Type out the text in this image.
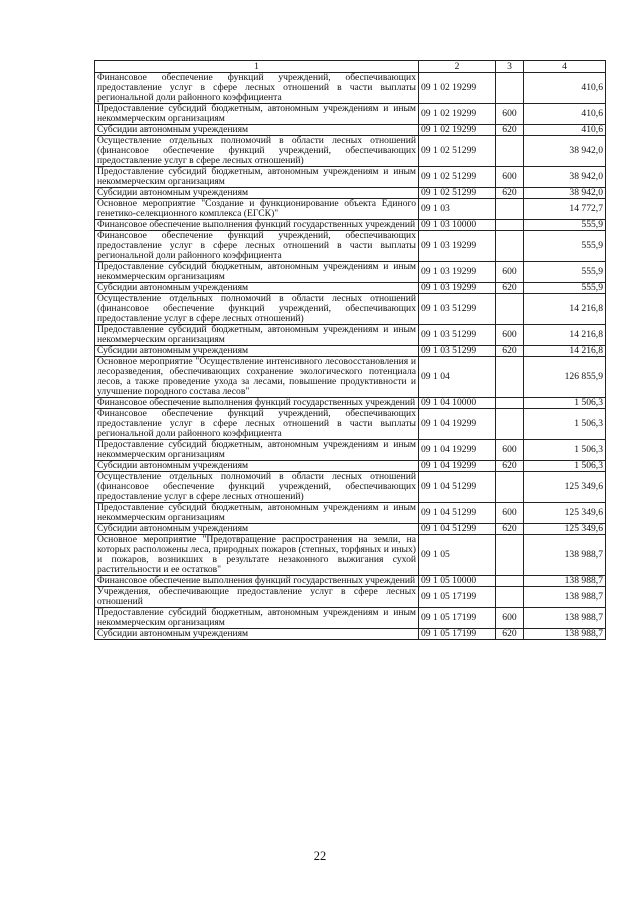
1	2	3	4
Финансовое обеспечение функций учреждений, обеспечивающих предоставление услуг в сфере лесных отношений в части выплаты региональной доли районного коэффициента	09 1 02 19299		410,6
Предоставление субсидий бюджетным, автономным учреждениям и иным некоммерческим организациям	09 1 02 19299	600	410,6
Субсидии автономным учреждениям	09 1 02 19299	620	410,6
Осуществление отдельных полномочий в области лесных отношений (финансовое обеспечение функций учреждений, обеспечивающих предоставление услуг в сфере лесных отношений)	09 1 02 51299		38 942,0
Предоставление субсидий бюджетным, автономным учреждениям и иным некоммерческим организациям	09 1 02 51299	600	38 942,0
Субсидии автономным учреждениям	09 1 02 51299	620	38 942,0
Основное мероприятие "Создание и функционирование объекта Единого генетико-селекционного комплекса (ЕГСК)"	09 1 03		14 772,7
Финансовое обеспечение выполнения функций государственных учреждений	09 1 03 10000		555,9
Финансовое обеспечение функций учреждений, обеспечивающих предоставление услуг в сфере лесных отношений в части выплаты региональной доли районного коэффициента	09 1 03 19299		555,9
Предоставление субсидий бюджетным, автономным учреждениям и иным некоммерческим организациям	09 1 03 19299	600	555,9
Субсидии автономным учреждениям	09 1 03 19299	620	555,9
Осуществление отдельных полномочий в области лесных отношений (финансовое обеспечение функций учреждений, обеспечивающих предоставление услуг в сфере лесных отношений)	09 1 03 51299		14 216,8
Предоставление субсидий бюджетным, автономным учреждениям и иным некоммерческим организациям	09 1 03 51299	600	14 216,8
Субсидии автономным учреждениям	09 1 03 51299	620	14 216,8
Основное мероприятие "Осуществление интенсивного лесовосстановления и лесоразведения, обеспечивающих сохранение экологического потенциала лесов, а также проведение ухода за лесами, повышение продуктивности и улучшение породного состава лесов"	09 1 04		126 855,9
Финансовое обеспечение выполнения функций государственных учреждений	09 1 04 10000		1 506,3
Финансовое обеспечение функций учреждений, обеспечивающих предоставление услуг в сфере лесных отношений в части выплаты региональной доли районного коэффициента	09 1 04 19299		1 506,3
Предоставление субсидий бюджетным, автономным учреждениям и иным некоммерческим организациям	09 1 04 19299	600	1 506,3
Субсидии автономным учреждениям	09 1 04 19299	620	1 506,3
Осуществление отдельных полномочий в области лесных отношений (финансовое обеспечение функций учреждений, обеспечивающих предоставление услуг в сфере лесных отношений)	09 1 04 51299		125 349,6
Предоставление субсидий бюджетным, автономным учреждениям и иным некоммерческим организациям	09 1 04 51299	600	125 349,6
Субсидии автономным учреждениям	09 1 04 51299	620	125 349,6
Основное мероприятие "Предотвращение распространения на земли, на которых расположены леса, природных пожаров (степных, торфяных и иных) и пожаров, возникших в результате незаконного выжигания сухой растительности и ее остатков"	09 1 05		138 988,7
Финансовое обеспечение выполнения функций государственных учреждений	09 1 05 10000		138 988,7
Учреждения, обеспечивающие предоставление услуг в сфере лесных отношений	09 1 05 17199		138 988,7
Предоставление субсидий бюджетным, автономным учреждениям и иным некоммерческим организациям	09 1 05 17199	600	138 988,7
Субсидии автономным учреждениям	09 1 05 17199	620	138 988,7
22
